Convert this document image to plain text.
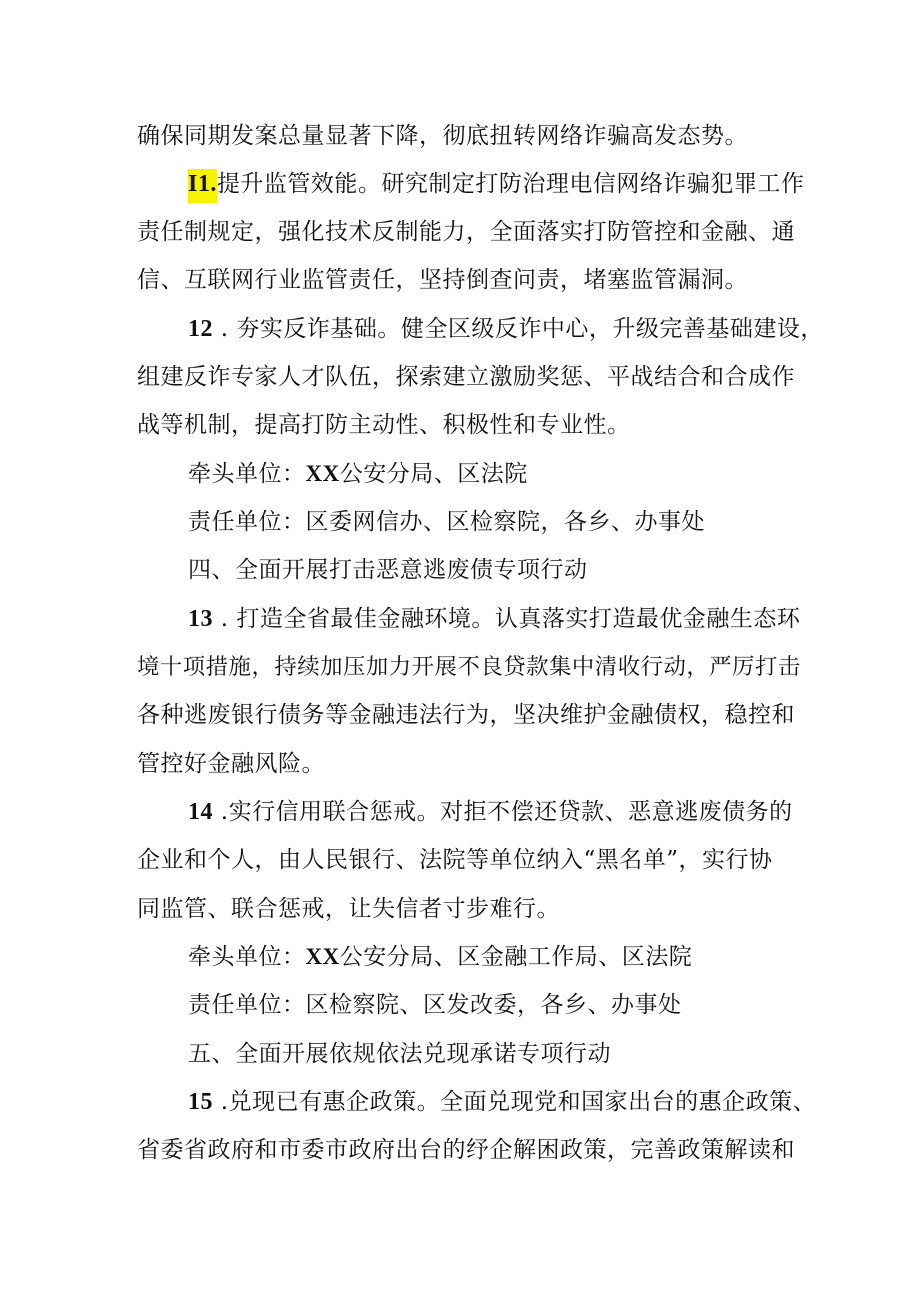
确保同期发案总量显著下降，彻底扭转网络诈骗高发态势。
I1.提升监管效能。研究制定打防治理电信网络诈骗犯罪工作
责任制规定，强化技术反制能力，全面落实打防管控和金融、通
信、互联网行业监管责任，坚持倒查问责，堵塞监管漏洞。
12 . 夯实反诈基础。健全区级反诈中心，升级完善基础建设，
组建反诈专家人才队伍，探索建立激励奖惩、平战结合和合成作
战等机制，提高打防主动性、积极性和专业性。
牵头单位：XX公安分局、区法院
责任单位：区委网信办、区检察院，各乡、办事处
四、全面开展打击恶意逃废债专项行动
13 . 打造全省最佳金融环境。认真落实打造最优金融生态环
境十项措施，持续加压加力开展不良贷款集中清收行动，严厉打击
各种逃废银行债务等金融违法行为，坚决维护金融债权，稳控和
管控好金融风险。
14 .实行信用联合惩戒。对拒不偿还贷款、恶意逃废债务的
企业和个人，由人民银行、法院等单位纳入“黑名单”，实行协
同监管、联合惩戒，让失信者寸步难行。
牵头单位：XX公安分局、区金融工作局、区法院
责任单位：区检察院、区发改委，各乡、办事处
五、全面开展依规依法兑现承诺专项行动
15 .兑现已有惠企政策。全面兑现党和国家出台的惠企政策、
省委省政府和市委市政府出台的纾企解困政策，完善政策解读和
